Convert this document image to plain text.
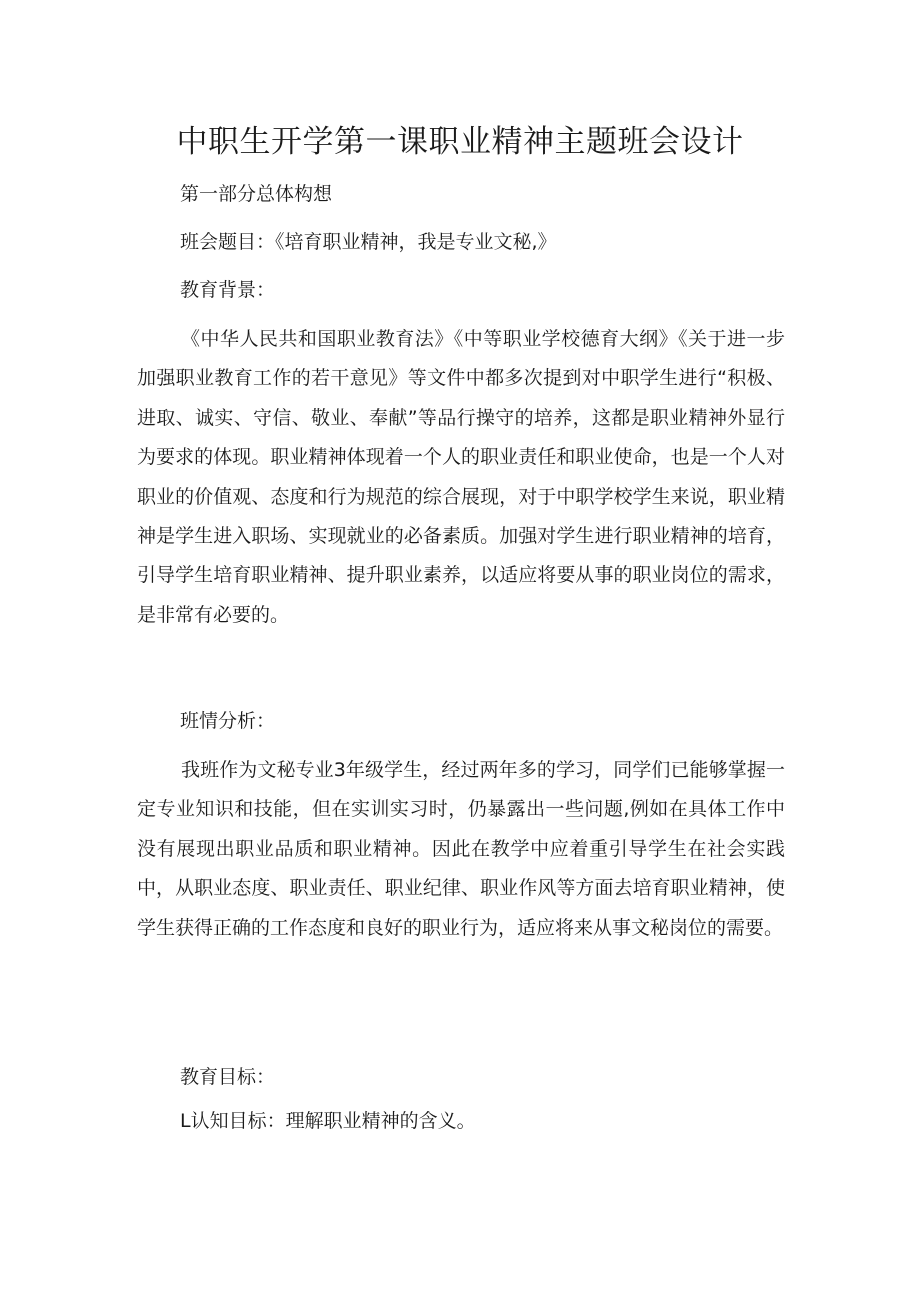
中职生开学第一课职业精神主题班会设计

第一部分总体构想

班会题目：《培育职业精神，我是专业文秘,》

教育背景：

《中华人民共和国职业教育法》《中等职业学校德育大纲》《关于进一步加强职业教育工作的若干意见》等文件中都多次提到对中职学生进行“积极、进取、诚实、守信、敬业、奉献”等品行操守的培养，这都是职业精神外显行为要求的体现。职业精神体现着一个人的职业责任和职业使命，也是一个人对职业的价值观、态度和行为规范的综合展现，对于中职学校学生来说，职业精神是学生进入职场、实现就业的必备素质。加强对学生进行职业精神的培育，引导学生培育职业精神、提升职业素养，以适应将要从事的职业岗位的需求，是非常有必要的。

班情分析：

我班作为文秘专业3年级学生，经过两年多的学习，同学们已能够掌握一定专业知识和技能，但在实训实习时，仍暴露出一些问题,例如在具体工作中没有展现出职业品质和职业精神。因此在教学中应着重引导学生在社会实践中，从职业态度、职业责任、职业纪律、职业作风等方面去培育职业精神，使学生获得正确的工作态度和良好的职业行为，适应将来从事文秘岗位的需要。

教育目标：

L认知目标：理解职业精神的含义。
